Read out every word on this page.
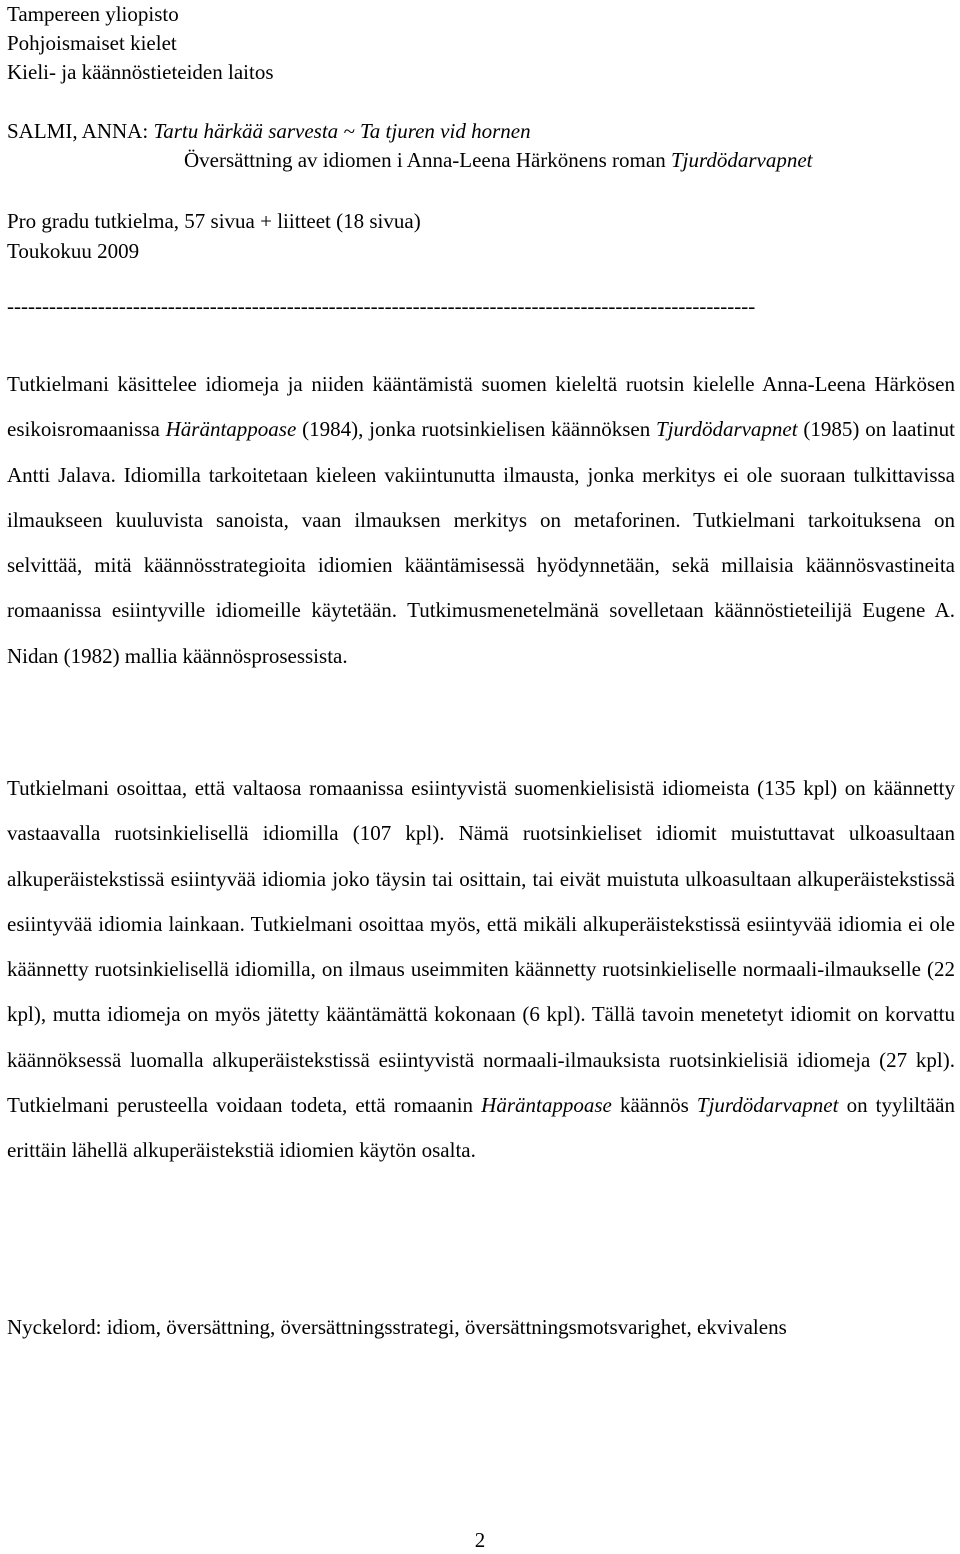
Tampereen yliopisto
Pohjoismaiset kielet
Kieli- ja käännöstieteiden laitos
SALMI, ANNA: Tartu härkää sarvesta ~ Ta tjuren vid hornen
Översättning av idiomen i Anna-Leena Härkönens roman Tjurdödarvapnet
Pro gradu tutkielma, 57 sivua + liitteet (18 sivua)
Toukokuu 2009
-----------------------------------------------------------------------------------------------------------

Tutkielmani käsittelee idiomeja ja niiden kääntämistä suomen kieleltä ruotsin kielelle Anna-Leena Härkösen esikoisromaanissa Häräntappoase (1984), jonka ruotsinkielisen käännöksen Tjurdödarvapnet (1985) on laatinut Antti Jalava. Idiomilla tarkoitetaan kieleen vakiintunutta ilmausta, jonka merkitys ei ole suoraan tulkittavissa ilmaukseen kuuluvista sanoista, vaan ilmauksen merkitys on metaforinen. Tutkielmani tarkoituksena on selvittää, mitä käännösstrategioita idiomien kääntämisessä hyödynnetään, sekä millaisia käännösvastineita romaanissa esiintyville idiomeille käytetään. Tutkimusmenetelmänä sovelletaan käännöstieteilijä Eugene A. Nidan (1982) mallia käännösprosessista.

Tutkielmani osoittaa, että valtaosa romaanissa esiintyvistä suomenkielisistä idiomeista (135 kpl) on käännetty vastaavalla ruotsinkielisellä idiomilla (107 kpl). Nämä ruotsinkieliset idiomit muistuttavat ulkoasultaan alkuperäistekstissä esiintyvää idiomia joko täysin tai osittain, tai eivät muistuta ulkoasultaan alkuperäistekstissä esiintyvää idiomia lainkaan. Tutkielmani osoittaa myös, että mikäli alkuperäistekstissä esiintyvää idiomia ei ole käännetty ruotsinkielisellä idiomilla, on ilmaus useimmiten käännetty ruotsinkieliselle normaali-ilmaukselle (22 kpl), mutta idiomeja on myös jätetty kääntämättä kokonaan (6 kpl). Tällä tavoin menetetyt idiomit on korvattu käännöksessä luomalla alkuperäistekstissä esiintyvistä normaali-ilmauksista ruotsinkielisiä idiomeja (27 kpl). Tutkielmani perusteella voidaan todeta, että romaanin Häräntappoase käännös Tjurdödarvapnet on tyyliltään erittäin lähellä alkuperäistekstiä idiomien käytön osalta.

Nyckelord: idiom, översättning, översättningsstrategi, översättningsmotsvarighet, ekvivalens

2
